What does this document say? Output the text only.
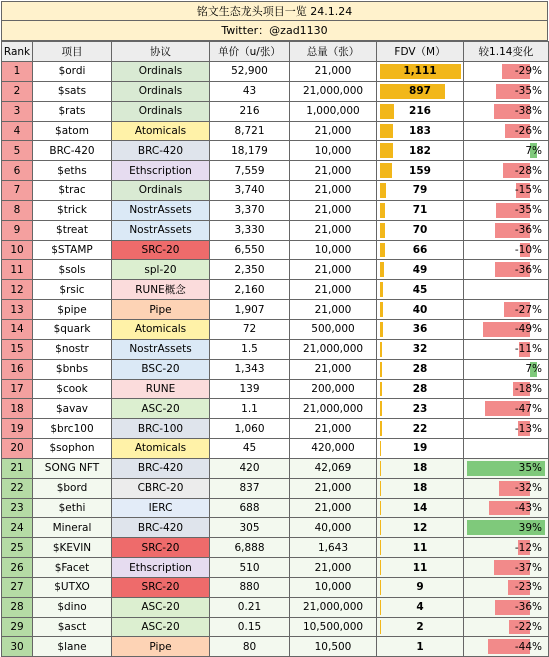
铭文生态龙头项目一览 24.1.24
Twitter：@zad1130
Rank	项目	协议	单价（u/张）	总量（张）	FDV（M）	较1.14变化
1	$ordi	Ordinals	52,900	21,000	1,111	-29%
2	$sats	Ordinals	43	21,000,000	897	-35%
3	$rats	Ordinals	216	1,000,000	216	-38%
4	$atom	Atomicals	8,721	21,000	183	-26%
5	BRC-420	BRC-420	18,179	10,000	182	7%
6	$eths	Ethscription	7,559	21,000	159	-28%
7	$trac	Ordinals	3,740	21,000	79	-15%
8	$trick	NostrAssets	3,370	21,000	71	-35%
9	$treat	NostrAssets	3,330	21,000	70	-36%
10	$STAMP	SRC-20	6,550	10,000	66	-10%
11	$sols	spl-20	2,350	21,000	49	-36%
12	$rsic	RUNE概念	2,160	21,000	45	
13	$pipe	Pipe	1,907	21,000	40	-27%
14	$quark	Atomicals	72	500,000	36	-49%
15	$nostr	NostrAssets	1.5	21,000,000	32	-11%
16	$bnbs	BSC-20	1,343	21,000	28	7%
17	$cook	RUNE	139	200,000	28	-18%
18	$avav	ASC-20	1.1	21,000,000	23	-47%
19	$brc100	BRC-100	1,060	21,000	22	-13%
20	$sophon	Atomicals	45	420,000	19	
21	SONG NFT	BRC-420	420	42,069	18	35%
22	$bord	CBRC-20	837	21,000	18	-32%
23	$ethi	IERC	688	21,000	14	-43%
24	Mineral	BRC-420	305	40,000	12	39%
25	$KEVIN	SRC-20	6,888	1,643	11	-12%
26	$Facet	Ethscription	510	21,000	11	-37%
27	$UTXO	SRC-20	880	10,000	9	-23%
28	$dino	ASC-20	0.21	21,000,000	4	-36%
29	$asct	ASC-20	0.15	10,500,000	2	-22%
30	$lane	Pipe	80	10,500	1	-44%
